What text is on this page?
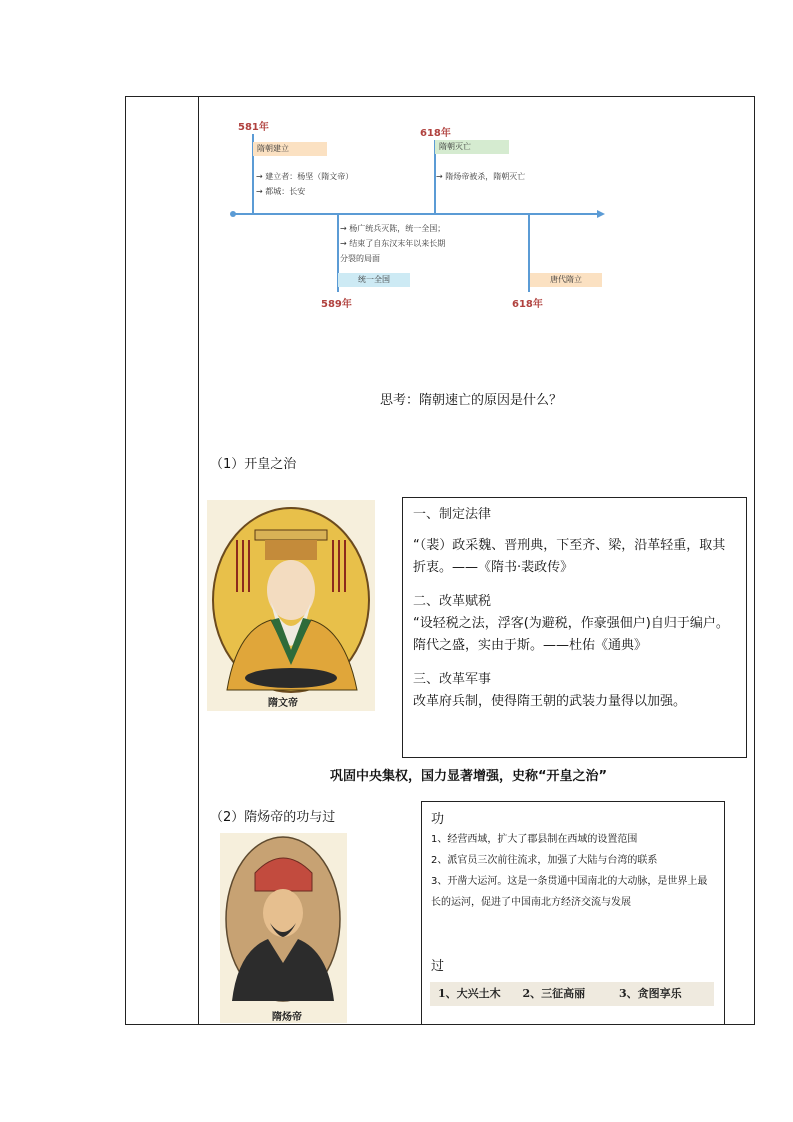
581年
隋朝建立
→ 建立者：杨坚（隋文帝）
→ 都城：长安
618年
隋朝灭亡
→ 隋炀帝被杀，隋朝灭亡
→ 杨广统兵灭陈，统一全国；
→ 结束了自东汉末年以来长期
分裂的局面
统一全国
589年
唐代隋立
618年
思考：隋朝速亡的原因是什么？
（1）开皇之治
隋文帝

一、制定法律

“（裴）政采魏、晋刑典，下至齐、梁，沿革轻重，取其折衷。——《隋书·裴政传》

二、改革赋税

“设轻税之法，浮客(为避税，作豪强佃户)自归于编户。隋代之盛，实由于斯。——杜佑《通典》

三、改革军事

改革府兵制，使得隋王朝的武装力量得以加强。

巩固中央集权，国力显著增强，史称“开皇之治”
（2）隋炀帝的功与过
隋炀帝
功
1、经营西域，扩大了郡县制在西域的设置范围
2、派官员三次前往流求，加强了大陆与台湾的联系
3、开凿大运河。这是一条贯通中国南北的大动脉，是世界上最长的运河，促进了中国南北方经济交流与发展
过
1、大兴土木 2、三征高丽	3、贪图享乐
